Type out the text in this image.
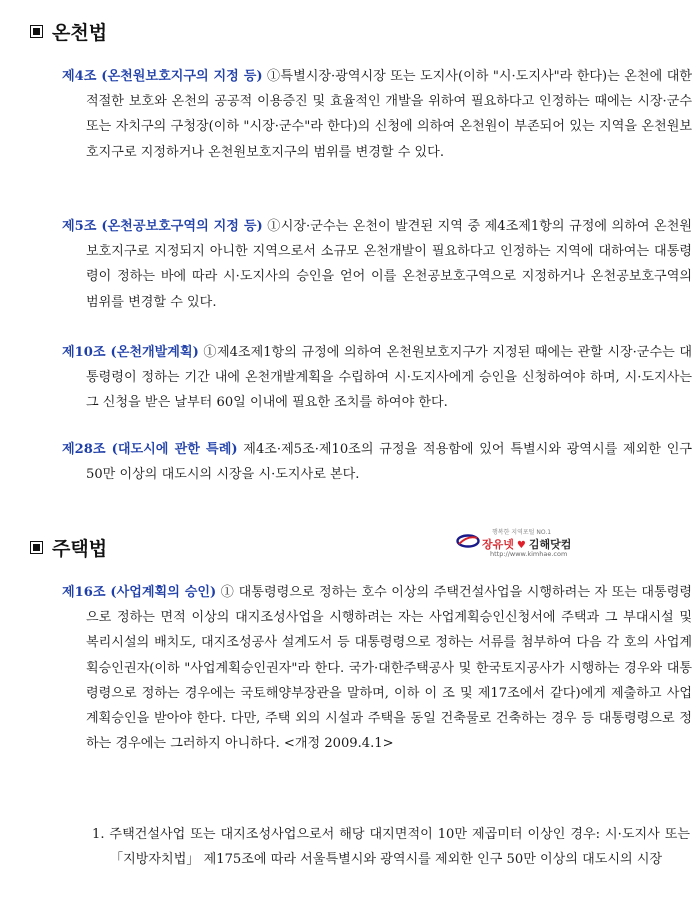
온천법
제4조 (온천원보호지구의 지정 등) ①특별시장·광역시장 또는 도지사(이하 "시·도지사"라 한다)는 온천에 대한 적절한 보호와 온천의 공공적 이용증진 및 효율적인 개발을 위하여 필요하다고 인정하는 때에는 시장·군수 또는 자치구의 구청장(이하 "시장·군수"라 한다)의 신청에 의하여 온천원이 부존되어 있는 지역을 온천원보호지구로 지정하거나 온천원보호지구의 범위를 변경할 수 있다.
제5조 (온천공보호구역의 지정 등) ①시장·군수는 온천이 발견된 지역 중 제4조제1항의 규정에 의하여 온천원보호지구로 지정되지 아니한 지역으로서 소규모 온천개발이 필요하다고 인정하는 지역에 대하여는 대통령령이 정하는 바에 따라 시·도지사의 승인을 얻어 이를 온천공보호구역으로 지정하거나 온천공보호구역의 범위를 변경할 수 있다.
제10조 (온천개발계획) ①제4조제1항의 규정에 의하여 온천원보호지구가 지정된 때에는 관할 시장·군수는 대통령령이 정하는 기간 내에 온천개발계획을 수립하여 시·도지사에게 승인을 신청하여야 하며, 시·도지사는 그 신청을 받은 날부터 60일 이내에 필요한 조치를 하여야 한다.
제28조 (대도시에 관한 특례) 제4조·제5조·제10조의 규정을 적용함에 있어 특별시와 광역시를 제외한 인구 50만 이상의 대도시의 시장을 시·도지사로 본다.
주택법
행복한 지역포털 NO.1
장유넷 ♥ 김해닷컴
http://www.kimhae.com
제16조 (사업계획의 승인) ① 대통령령으로 정하는 호수 이상의 주택건설사업을 시행하려는 자 또는 대통령령으로 정하는 면적 이상의 대지조성사업을 시행하려는 자는 사업계획승인신청서에 주택과 그 부대시설 및 복리시설의 배치도, 대지조성공사 설계도서 등 대통령령으로 정하는 서류를 첨부하여 다음 각 호의 사업계획승인권자(이하 "사업계획승인권자"라 한다. 국가·대한주택공사 및 한국토지공사가 시행하는 경우와 대통령령으로 정하는 경우에는 국토해양부장관을 말하며, 이하 이 조 및 제17조에서 같다)에게 제출하고 사업계획승인을 받아야 한다. 다만, 주택 외의 시설과 주택을 동일 건축물로 건축하는 경우 등 대통령령으로 정하는 경우에는 그러하지 아니하다. <개정 2009.4.1>
1. 주택건설사업 또는 대지조성사업으로서 해당 대지면적이 10만 제곱미터 이상인 경우: 시·도지사 또는 「지방자치법」 제175조에 따라 서울특별시와 광역시를 제외한 인구 50만 이상의 대도시의 시장
